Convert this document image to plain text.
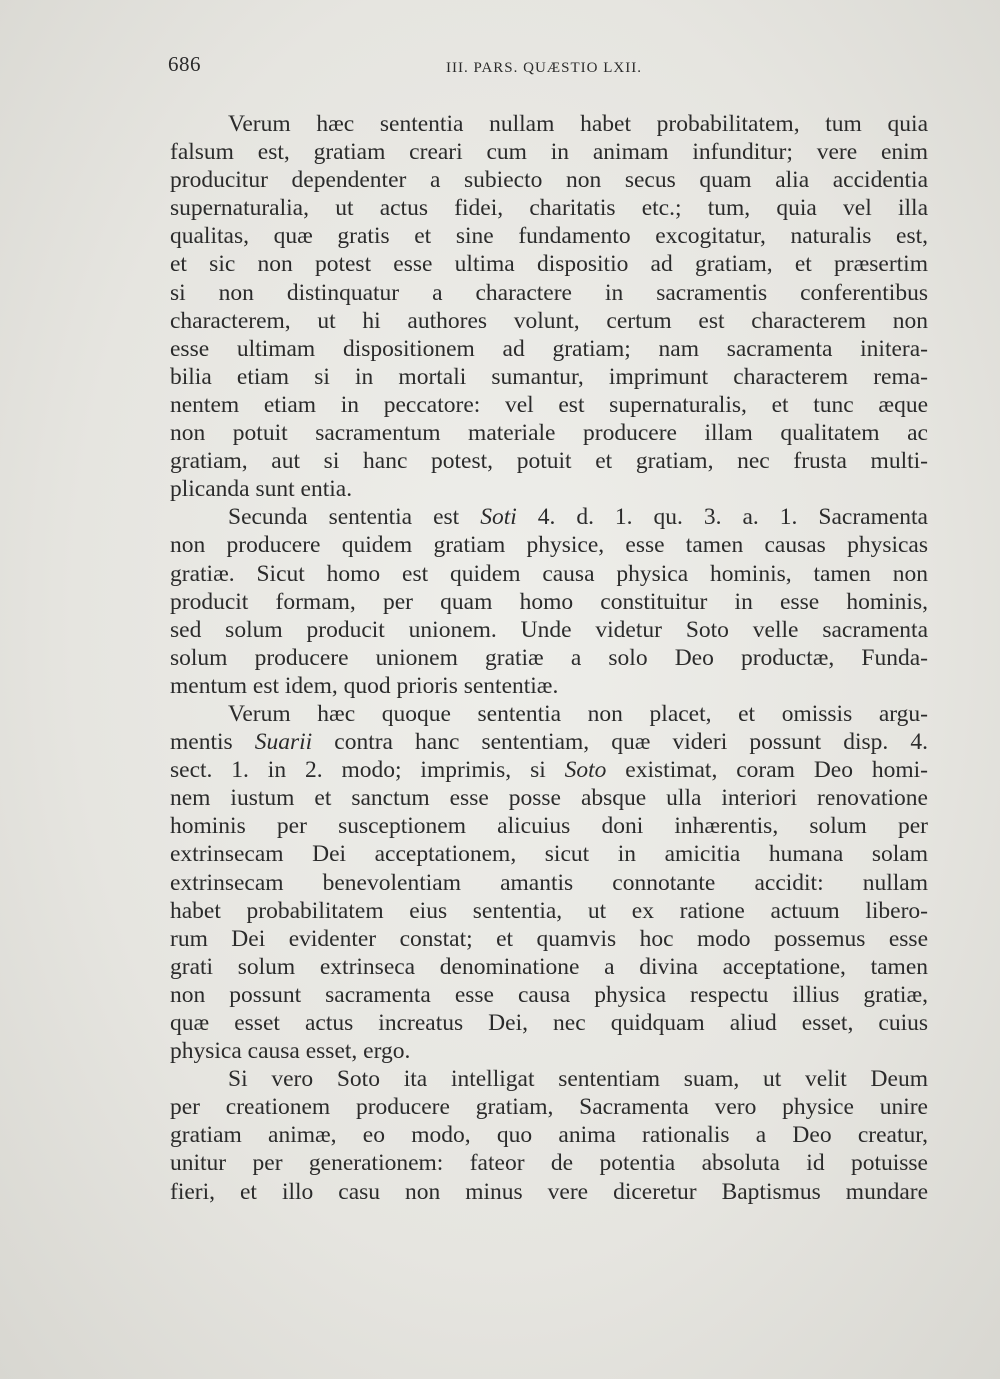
686	III. PARS. QUÆSTIO LXII.
Verum hæc sententia nullam habet probabilitatem, tum quia
falsum est, gratiam creari cum in animam infunditur; vere enim
producitur dependenter a subiecto non secus quam alia accidentia
supernaturalia, ut actus fidei, charitatis etc.; tum, quia vel illa
qualitas, quæ gratis et sine fundamento excogitatur, naturalis est,
et sic non potest esse ultima dispositio ad gratiam, et præsertim
si non distinquatur a charactere in sacramentis conferentibus
characterem, ut hi authores volunt, certum est characterem non
esse ultimam dispositionem ad gratiam; nam sacramenta initera-
bilia etiam si in mortali sumantur, imprimunt characterem rema-
nentem etiam in peccatore: vel est supernaturalis, et tunc æque
non potuit sacramentum materiale producere illam qualitatem ac
gratiam, aut si hanc potest, potuit et gratiam, nec frusta multi-
plicanda sunt entia.
Secunda sententia est Soti 4. d. 1. qu. 3. a. 1. Sacramenta
non producere quidem gratiam physice, esse tamen causas physicas
gratiæ. Sicut homo est quidem causa physica hominis, tamen non
producit formam, per quam homo constituitur in esse hominis,
sed solum producit unionem. Unde videtur Soto velle sacramenta
solum producere unionem gratiæ a solo Deo productæ, Funda-
mentum est idem, quod prioris sententiæ.
Verum hæc quoque sententia non placet, et omissis argu-
mentis Suarii contra hanc sententiam, quæ videri possunt disp. 4.
sect. 1. in 2. modo; imprimis, si Soto existimat, coram Deo homi-
nem iustum et sanctum esse posse absque ulla interiori renovatione
hominis per susceptionem alicuius doni inhærentis, solum per
extrinsecam Dei acceptationem, sicut in amicitia humana solam
extrinsecam benevolentiam amantis connotante accidit: nullam
habet probabilitatem eius sententia, ut ex ratione actuum libero-
rum Dei evidenter constat; et quamvis hoc modo possemus esse
grati solum extrinseca denominatione a divina acceptatione, tamen
non possunt sacramenta esse causa physica respectu illius gratiæ,
quæ esset actus increatus Dei, nec quidquam aliud esset, cuius
physica causa esset, ergo.
Si vero Soto ita intelligat sententiam suam, ut velit Deum
per creationem producere gratiam, Sacramenta vero physice unire
gratiam animæ, eo modo, quo anima rationalis a Deo creatur,
unitur per generationem: fateor de potentia absoluta id potuisse
fieri, et illo casu non minus vere diceretur Baptismus mundare
